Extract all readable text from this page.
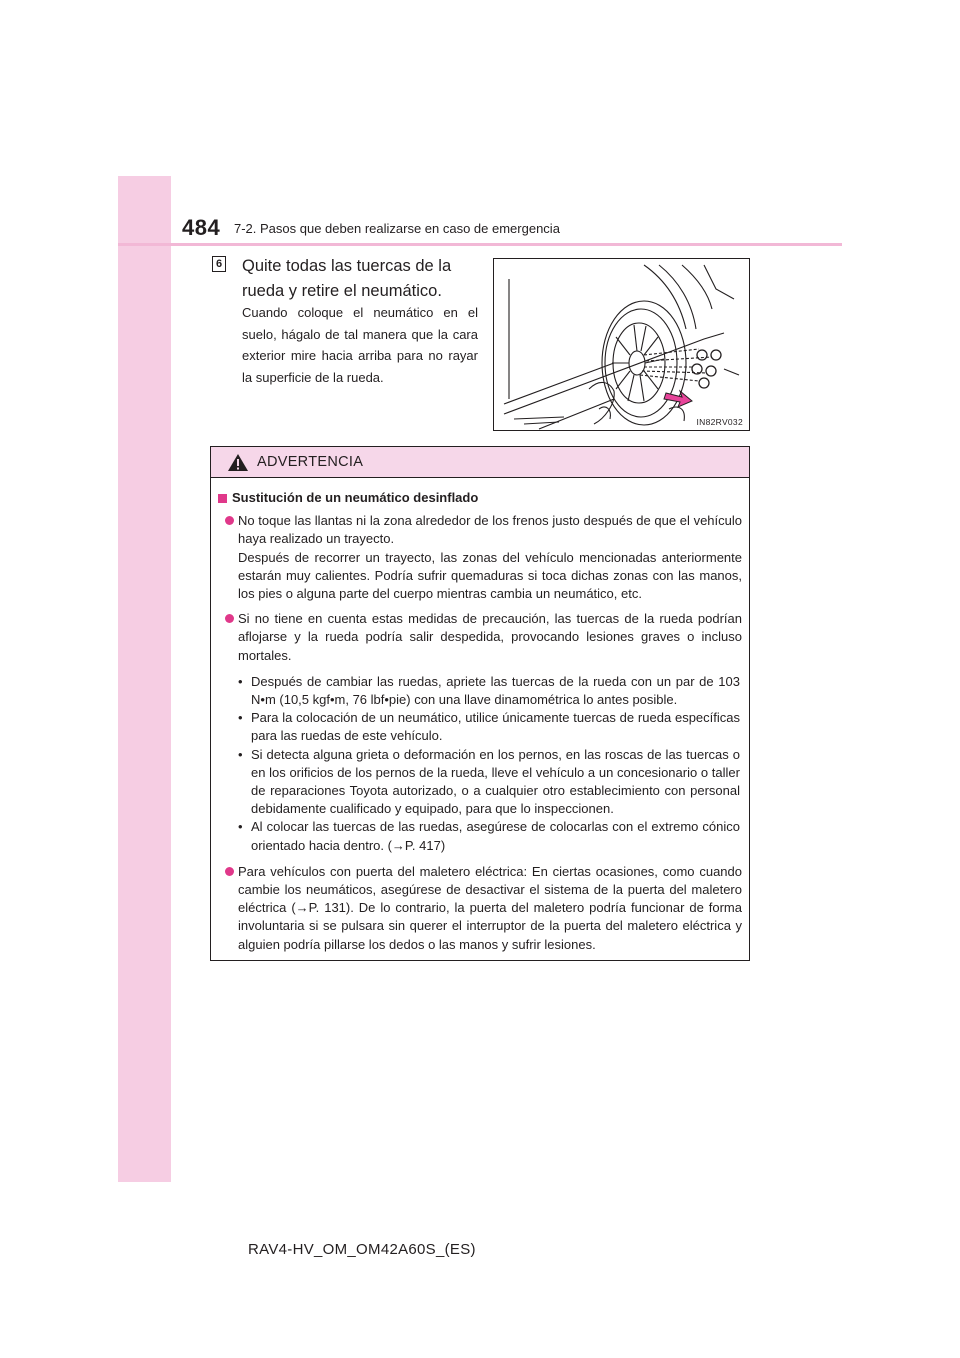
484 7-2. Pasos que deben realizarse en caso de emergencia
6 Quite todas las tuercas de la rueda y retire el neumático.
Cuando coloque el neumático en el suelo, hágalo de tal manera que la cara exterior mire hacia arriba para no rayar la superficie de la rueda.
IN82RV032
ADVERTENCIA
Sustitución de un neumático desinflado

No toque las llantas ni la zona alrededor de los frenos justo después de que el vehículo haya realizado un trayecto.

Después de recorrer un trayecto, las zonas del vehículo mencionadas anteriormente estarán muy calientes. Podría sufrir quemaduras si toca dichas zonas con las manos, los pies o alguna parte del cuerpo mientras cambia un neumático, etc.

Si no tiene en cuenta estas medidas de precaución, las tuercas de la rueda podrían aflojarse y la rueda podría salir despedida, provocando lesiones graves o incluso mortales.

• Después de cambiar las ruedas, apriete las tuercas de la rueda con un par de 103 N•m (10,5 kgf•m, 76 lbf•pie) con una llave dinamométrica lo antes posible.
• Para la colocación de un neumático, utilice únicamente tuercas de rueda específicas para las ruedas de este vehículo.
• Si detecta alguna grieta o deformación en los pernos, en las roscas de las tuercas o en los orificios de los pernos de la rueda, lleve el vehículo a un concesionario o taller de reparaciones Toyota autorizado, o a cualquier otro establecimiento con personal debidamente cualificado y equipado, para que lo inspeccionen.
• Al colocar las tuercas de las ruedas, asegúrese de colocarlas con el extremo cónico orientado hacia dentro. (→P. 417)

Para vehículos con puerta del maletero eléctrica: En ciertas ocasiones, como cuando cambie los neumáticos, asegúrese de desactivar el sistema de la puerta del maletero eléctrica (→P. 131). De lo contrario, la puerta del maletero podría funcionar de forma involuntaria si se pulsara sin querer el interruptor de la puerta del maletero eléctrica y alguien podría pillarse los dedos o las manos y sufrir lesiones.

RAV4-HV_OM_OM42A60S_(ES)
